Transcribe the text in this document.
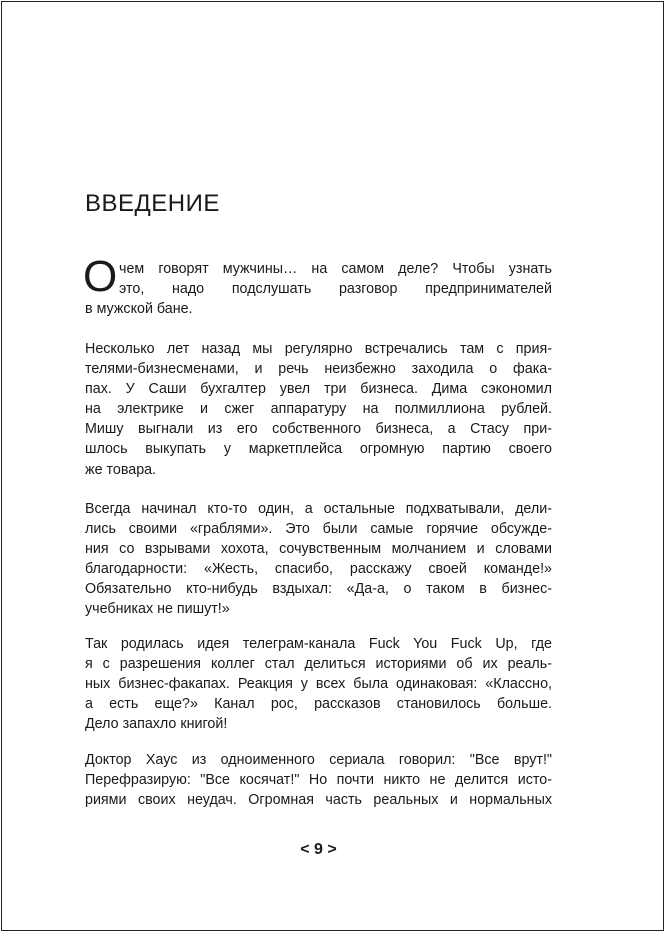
ВВЕДЕНИЕ

О чем говорят мужчины… на самом деле? Чтобы узнать
это, надо подслушать разговор предпринимателей
в мужской бане.

Несколько лет назад мы регулярно встречались там с прия-
телями-бизнесменами, и речь неизбежно заходила о фака-
пах. У Саши бухгалтер увел три бизнеса. Дима сэкономил
на электрике и сжег аппаратуру на полмиллиона рублей.
Мишу выгнали из его собственного бизнеса, а Стасу при-
шлось выкупать у маркетплейса огромную партию своего
же товара.

Всегда начинал кто-то один, а остальные подхватывали, дели-
лись своими «граблями». Это были самые горячие обсужде-
ния со взрывами хохота, сочувственным молчанием и словами
благодарности: «Жесть, спасибо, расскажу своей команде!»
Обязательно кто-нибудь вздыхал: «Да-а, о таком в бизнес-
учебниках не пишут!»

Так родилась идея телеграм-канала Fuck You Fuck Up, где
я с разрешения коллег стал делиться историями об их реаль-
ных бизнес-факапах. Реакция у всех была одинаковая: «Классно,
а есть еще?» Канал рос, рассказов становилось больше.
Дело запахло книгой!

Доктор Хаус из одноименного сериала говорил: "Все врут!"
Перефразирую: "Все косячат!" Но почти никто не делится исто-
риями своих неудач. Огромная часть реальных и нормальных

< 9 >
